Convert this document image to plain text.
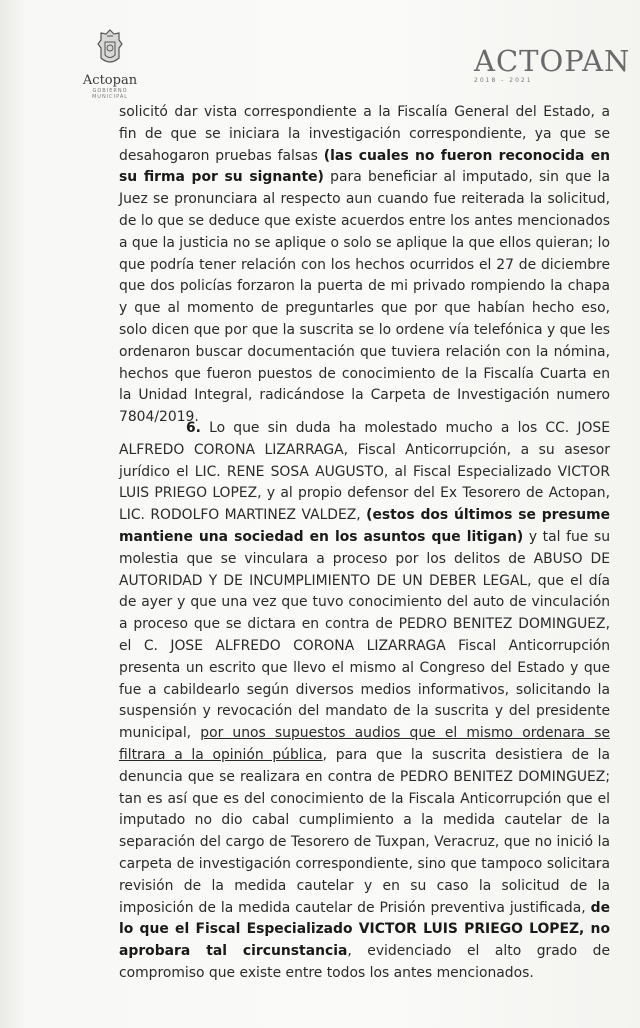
Actopan
GOBIERNO MUNICIPAL
ACTOPAN
2018 - 2021

solicitó dar vista correspondiente a la Fiscalía General del Estado, a fin de que se iniciara la investigación correspondiente, ya que se desahogaron pruebas falsas (las cuales no fueron reconocida en su firma por su signante) para beneficiar al imputado, sin que la Juez se pronunciara al respecto aun cuando fue reiterada la solicitud, de lo que se deduce que existe acuerdos entre los antes mencionados a que la justicia no se aplique o solo se aplique la que ellos quieran; lo que podría tener relación con los hechos ocurridos el 27 de diciembre que dos policías forzaron la puerta de mi privado rompiendo la chapa y que al momento de preguntarles que por que habían hecho eso, solo dicen que por que la suscrita se lo ordene vía telefónica y que les ordenaron buscar documentación que tuviera relación con la nómina, hechos que fueron puestos de conocimiento de la Fiscalía Cuarta en la Unidad Integral, radicándose la Carpeta de Investigación numero 7804/2019.

6. Lo que sin duda ha molestado mucho a los CC. JOSE ALFREDO CORONA LIZARRAGA, Fiscal Anticorrupción, a su asesor jurídico el LIC. RENE SOSA AUGUSTO, al Fiscal Especializado VICTOR LUIS PRIEGO LOPEZ, y al propio defensor del Ex Tesorero de Actopan, LIC. RODOLFO MARTINEZ VALDEZ, (estos dos últimos se presume mantiene una sociedad en los asuntos que litigan) y tal fue su molestia que se vinculara a proceso por los delitos de ABUSO DE AUTORIDAD Y DE INCUMPLIMIENTO DE UN DEBER LEGAL, que el día de ayer y que una vez que tuvo conocimiento del auto de vinculación a proceso que se dictara en contra de PEDRO BENITEZ DOMINGUEZ, el C. JOSE ALFREDO CORONA LIZARRAGA Fiscal Anticorrupción presenta un escrito que llevo el mismo al Congreso del Estado y que fue a cabildearlo según diversos medios informativos, solicitando la suspensión y revocación del mandato de la suscrita y del presidente municipal, por unos supuestos audios que el mismo ordenara se filtrara a la opinión pública, para que la suscrita desistiera de la denuncia que se realizara en contra de PEDRO BENITEZ DOMINGUEZ; tan es así que es del conocimiento de la Fiscala Anticorrupción que el imputado no dio cabal cumplimiento a la medida cautelar de la separación del cargo de Tesorero de Tuxpan, Veracruz, que no inició la carpeta de investigación correspondiente, sino que tampoco solicitara revisión de la medida cautelar y en su caso la solicitud de la imposición de la medida cautelar de Prisión preventiva justificada, de lo que el Fiscal Especializado VICTOR LUIS PRIEGO LOPEZ, no aprobara tal circunstancia, evidenciado el alto grado de compromiso que existe entre todos los antes mencionados.
